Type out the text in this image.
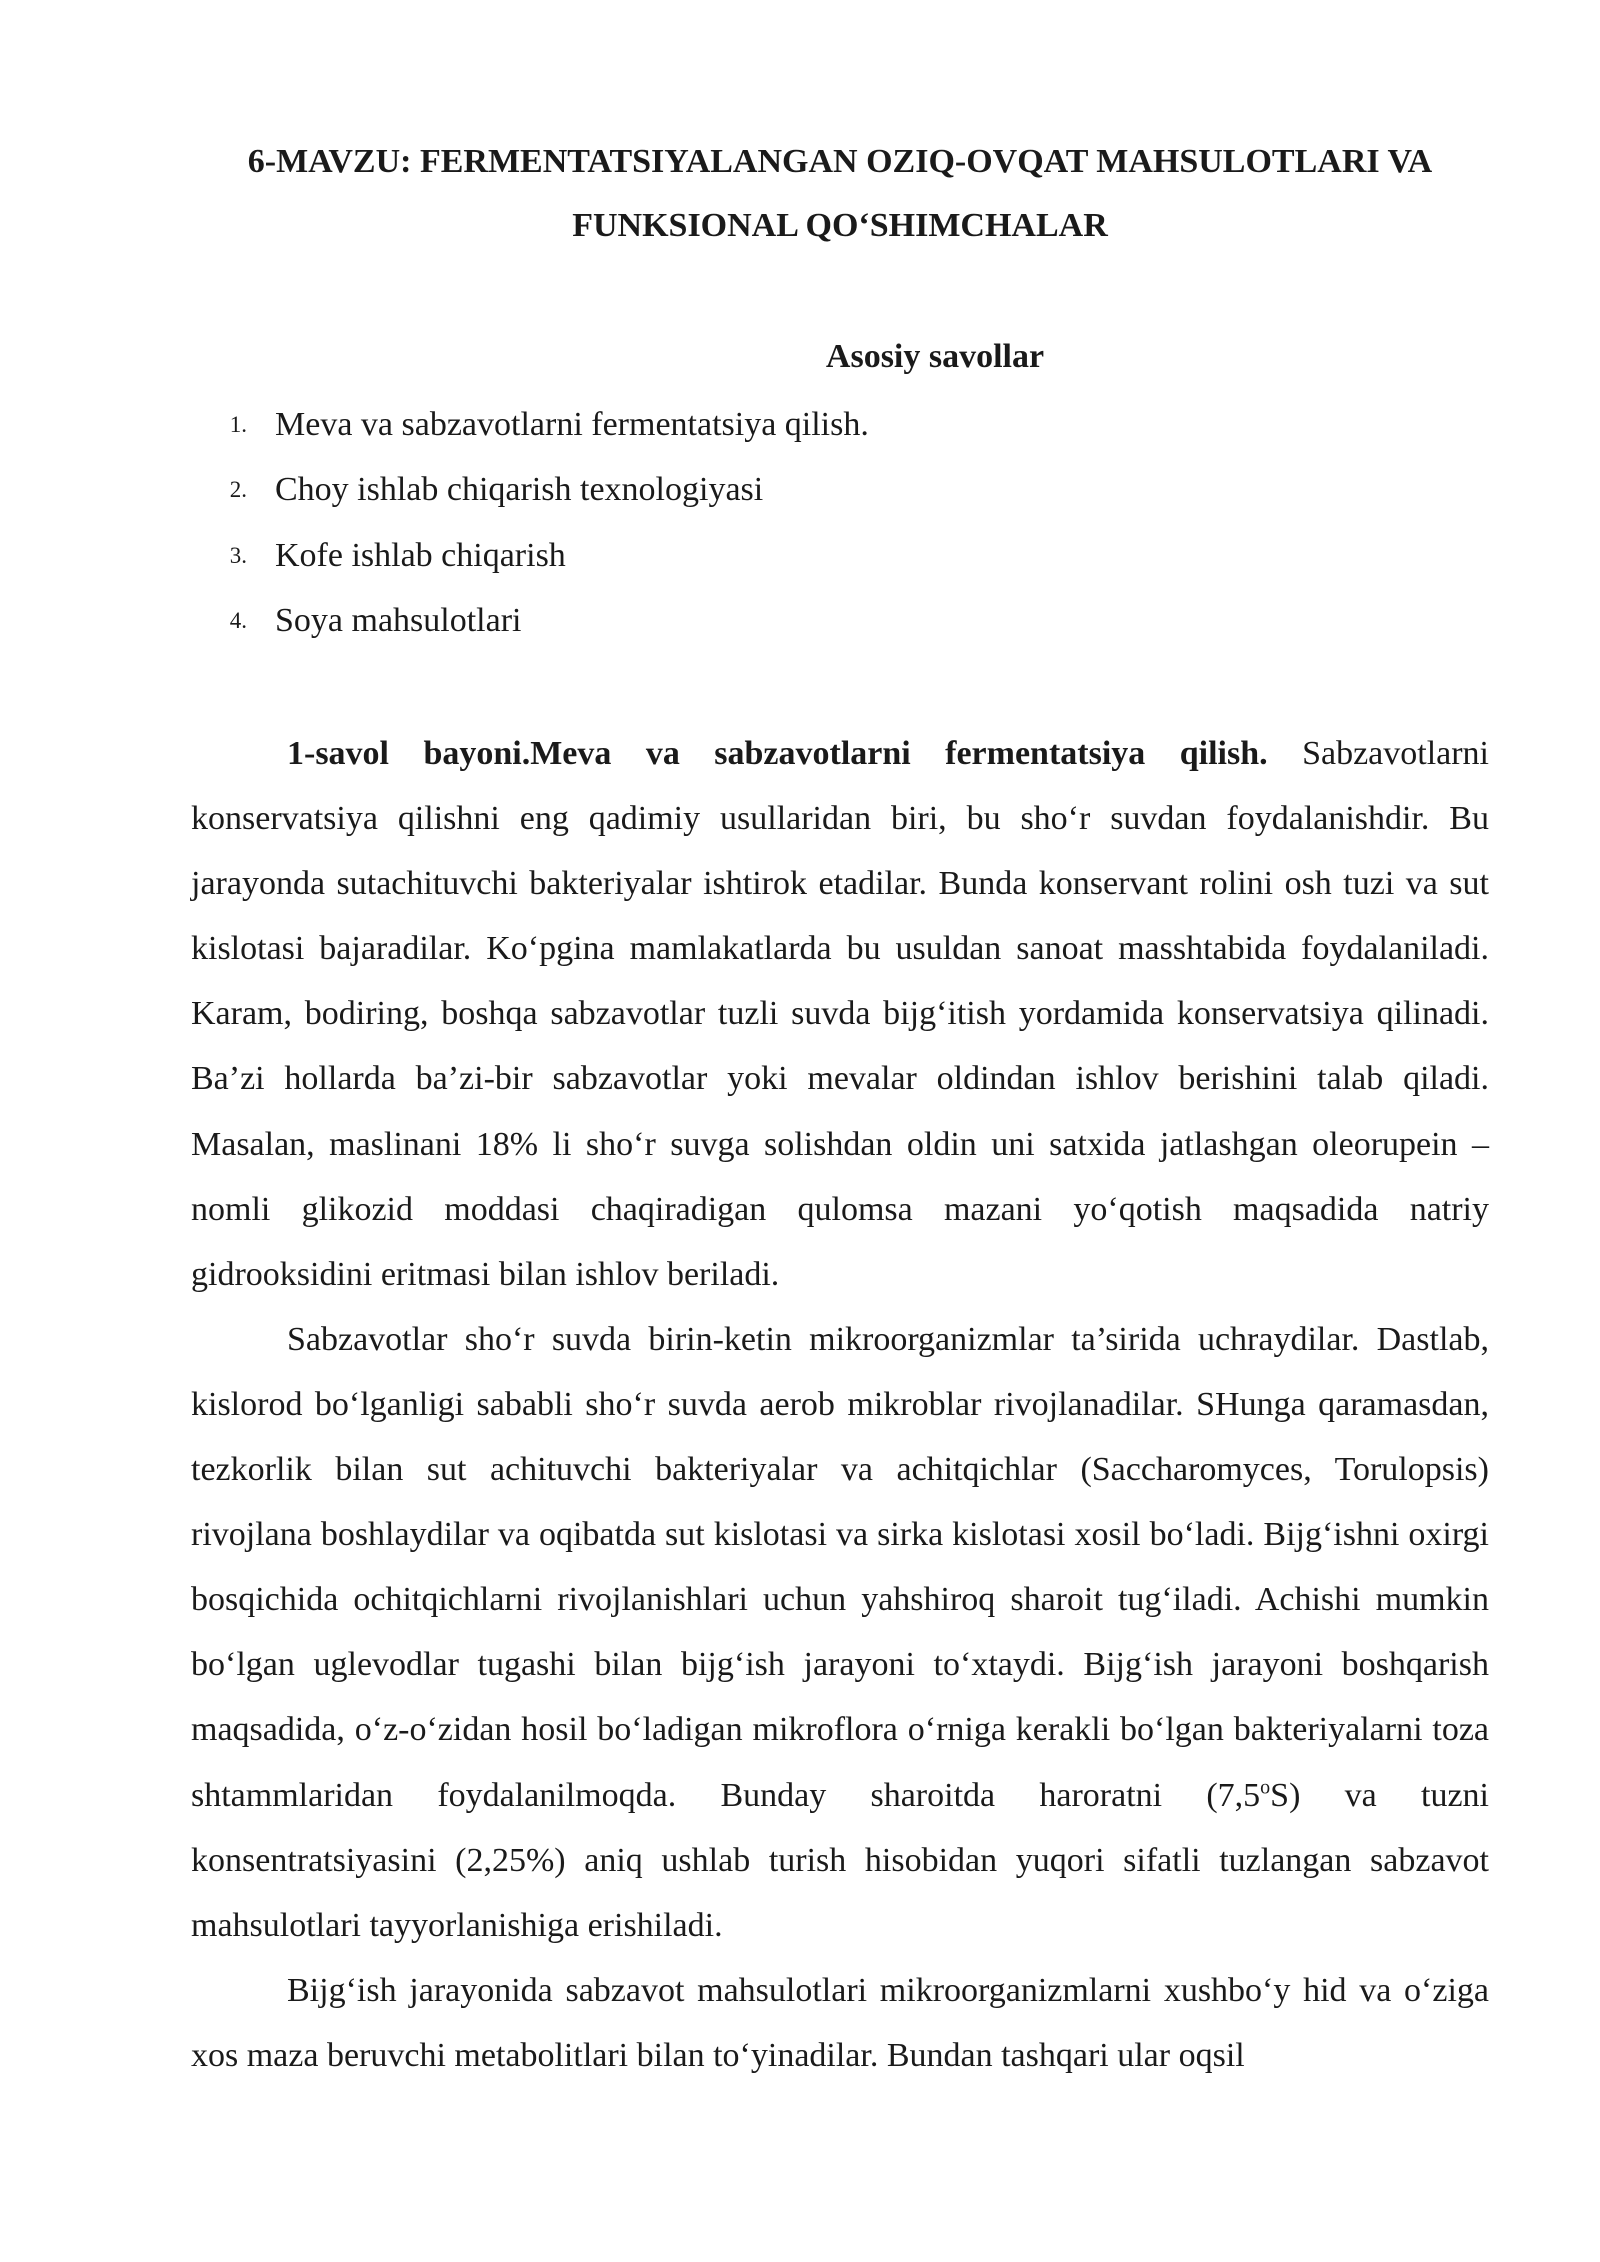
6-MAVZU: FERMENTATSIYALANGAN OZIQ-OVQAT MAHSULOTLARI VA
FUNKSIONAL QO‘SHIMCHALAR
Asosiy savollar
1. Meva va sabzavotlarni fermentatsiya qilish.
2. Choy ishlab chiqarish texnologiyasi
3. Kofe ishlab chiqarish
4. Soya mahsulotlari

1-savol bayoni.Meva va sabzavotlarni fermentatsiya qilish. Sabzavotlarni konservatsiya qilishni eng qadimiy usullaridan biri, bu sho‘r suvdan foydalanishdir. Bu jarayonda sutachituvchi bakteriyalar ishtirok etadilar. Bunda konservant rolini osh tuzi va sut kislotasi bajaradilar. Ko‘pgina mamlakatlarda bu usuldan sanoat masshtabida foydalaniladi. Karam, bodiring, boshqa sabzavotlar tuzli suvda bijg‘itish yordamida konservatsiya qilinadi. Ba’zi hollarda ba’zi-bir sabzavotlar yoki mevalar oldindan ishlov berishini talab qiladi. Masalan, maslinani 18% li sho‘r suvga solishdan oldin uni satxida jatlashgan oleorupein – nomli glikozid moddasi chaqiradigan qulomsa mazani yo‘qotish maqsadida natriy gidrooksidini eritmasi bilan ishlov beriladi.

Sabzavotlar sho‘r suvda birin-ketin mikroorganizmlar ta’sirida uchraydilar. Dastlab, kislorod bo‘lganligi sababli sho‘r suvda aerob mikroblar rivojlanadilar. SHunga qaramasdan, tezkorlik bilan sut achituvchi bakteriyalar va achitqichlar (Saccharomyces, Torulopsis) rivojlana boshlaydilar va oqibatda sut kislotasi va sirka kislotasi xosil bo‘ladi. Bijg‘ishni oxirgi bosqichida ochitqichlarni rivojlanishlari uchun yahshiroq sharoit tug‘iladi. Achishi mumkin bo‘lgan uglevodlar tugashi bilan bijg‘ish jarayoni to‘xtaydi. Bijg‘ish jarayoni boshqarish maqsadida, o‘z-o‘zidan hosil bo‘ladigan mikroflora o‘rniga kerakli bo‘lgan bakteriyalarni toza shtammlaridan foydalanilmoqda. Bunday sharoitda haroratni (7,5$^o$S) va tuzni konsentratsiyasini (2,25%) aniq ushlab turish hisobidan yuqori sifatli tuzlangan sabzavot mahsulotlari tayyorlanishiga erishiladi.

Bijg‘ish jarayonida sabzavot mahsulotlari mikroorganizmlarni xushbo‘y hid va o‘ziga xos maza beruvchi metabolitlari bilan to‘yinadilar. Bundan tashqari ular oqsil
